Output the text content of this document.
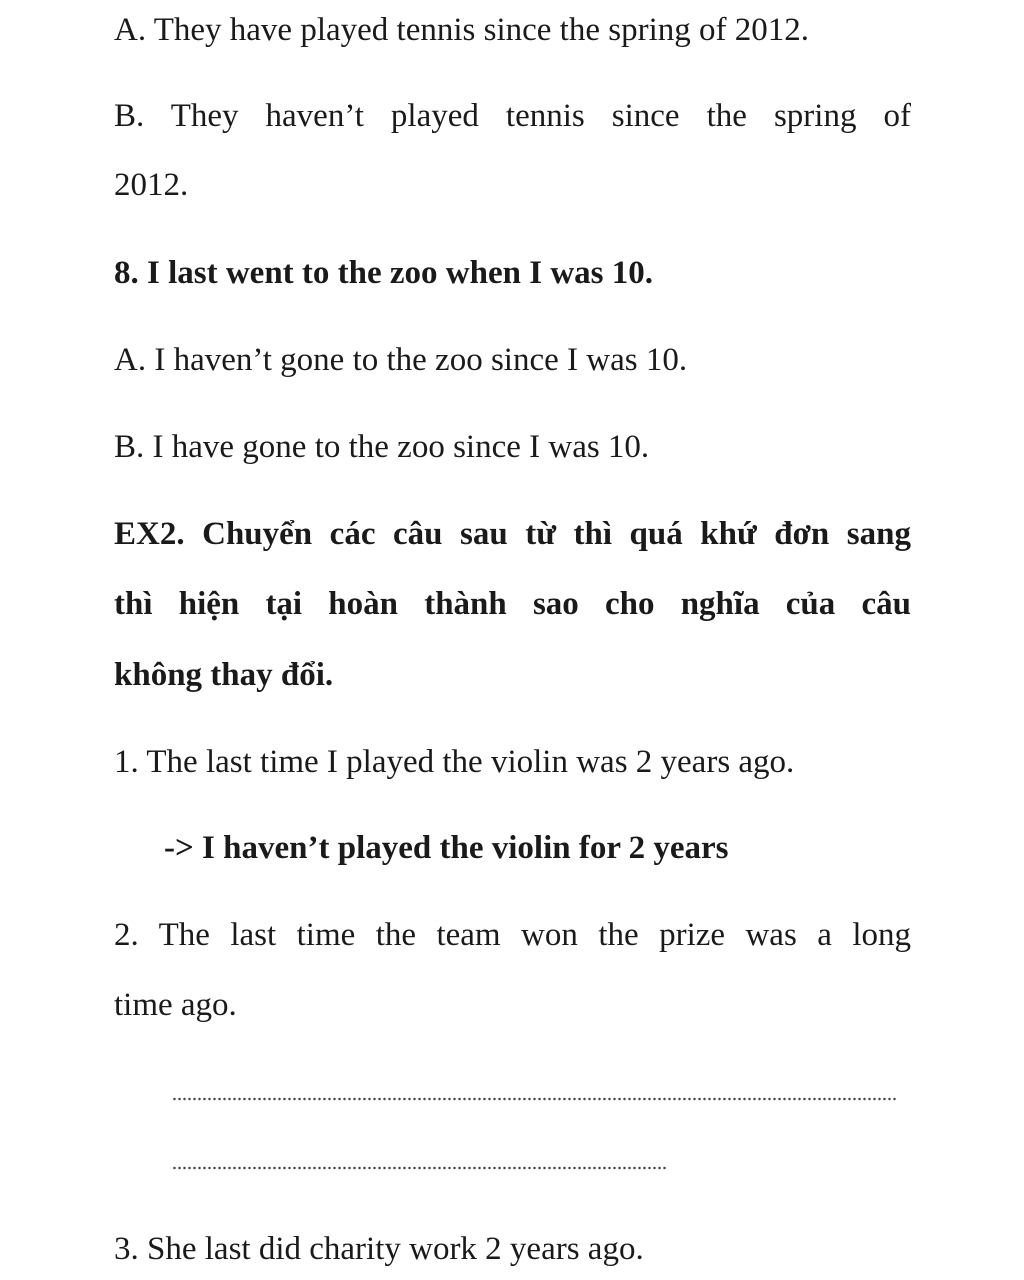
A. They have played tennis since the spring of 2012.
B. They haven’t played tennis since the spring of
2012.
8. I last went to the zoo when I was 10.
A. I haven’t gone to the zoo since I was 10.
B. I have gone to the zoo since I was 10.
EX2. Chuyển các câu sau từ thì quá khứ đơn sang
thì hiện tại hoàn thành sao cho nghĩa của câu
không thay đổi.
1. The last time I played the violin was 2 years ago.
-> I haven’t played the violin for 2 years
2. The last time the team won the prize was a long
time ago.
3. She last did charity work 2 years ago.
